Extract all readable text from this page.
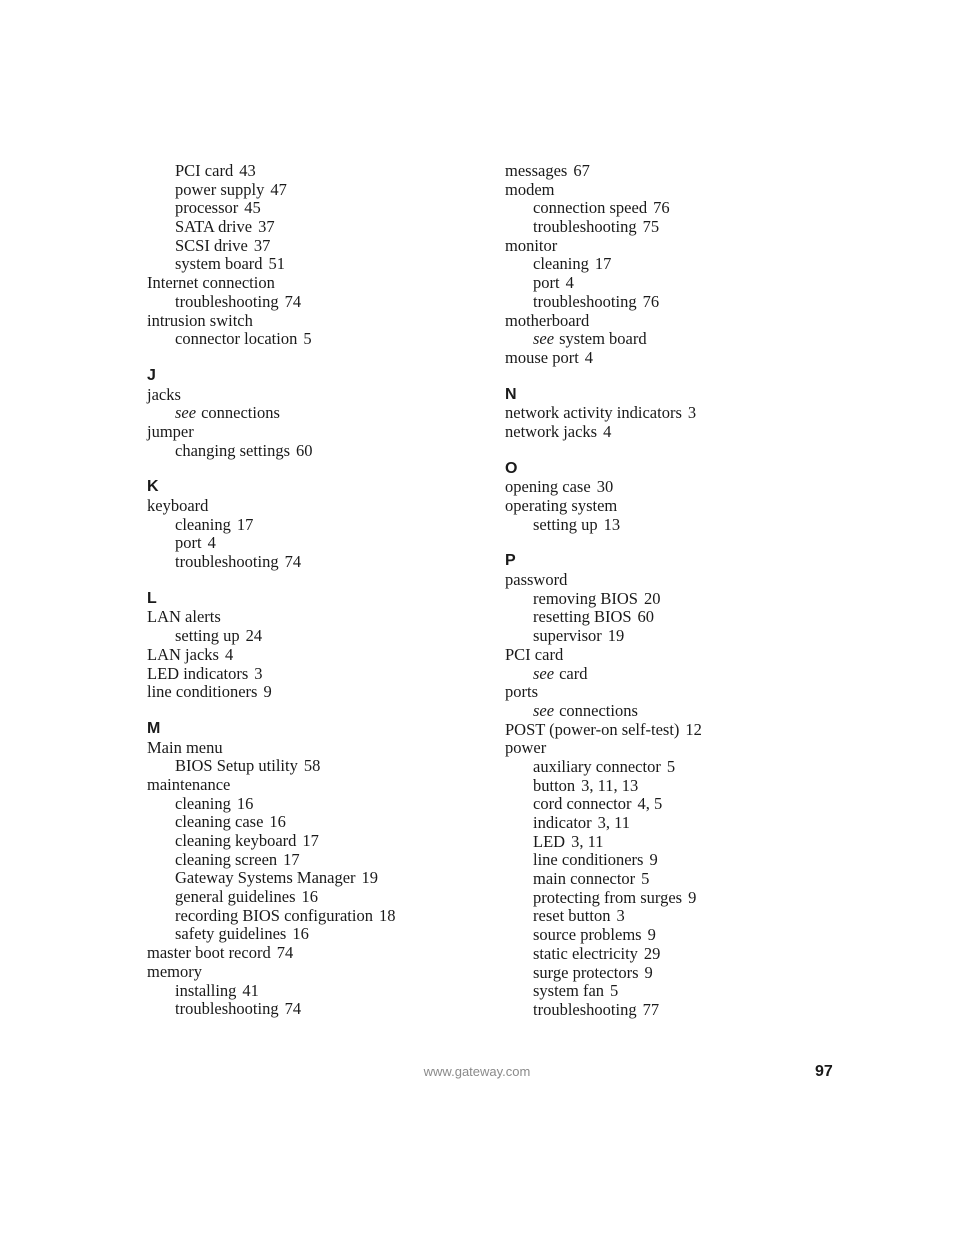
PCI card 43
power supply 47
processor 45
SATA drive 37
SCSI drive 37
system board 51
Internet connection
troubleshooting 74
intrusion switch
connector location 5
J
jacks
see connections
jumper
changing settings 60
K
keyboard
cleaning 17
port 4
troubleshooting 74
L
LAN alerts
setting up 24
LAN jacks 4
LED indicators 3
line conditioners 9
M
Main menu
BIOS Setup utility 58
maintenance
cleaning 16
cleaning case 16
cleaning keyboard 17
cleaning screen 17
Gateway Systems Manager 19
general guidelines 16
recording BIOS configuration 18
safety guidelines 16
master boot record 74
memory
installing 41
troubleshooting 74
messages 67
modem
connection speed 76
troubleshooting 75
monitor
cleaning 17
port 4
troubleshooting 76
motherboard
see system board
mouse port 4
N
network activity indicators 3
network jacks 4
O
opening case 30
operating system
setting up 13
P
password
removing BIOS 20
resetting BIOS 60
supervisor 19
PCI card
see card
ports
see connections
POST (power-on self-test) 12
power
auxiliary connector 5
button 3, 11, 13
cord connector 4, 5
indicator 3, 11
LED 3, 11
line conditioners 9
main connector 5
protecting from surges 9
reset button 3
source problems 9
static electricity 29
surge protectors 9
system fan 5
troubleshooting 77
www.gateway.com	97
